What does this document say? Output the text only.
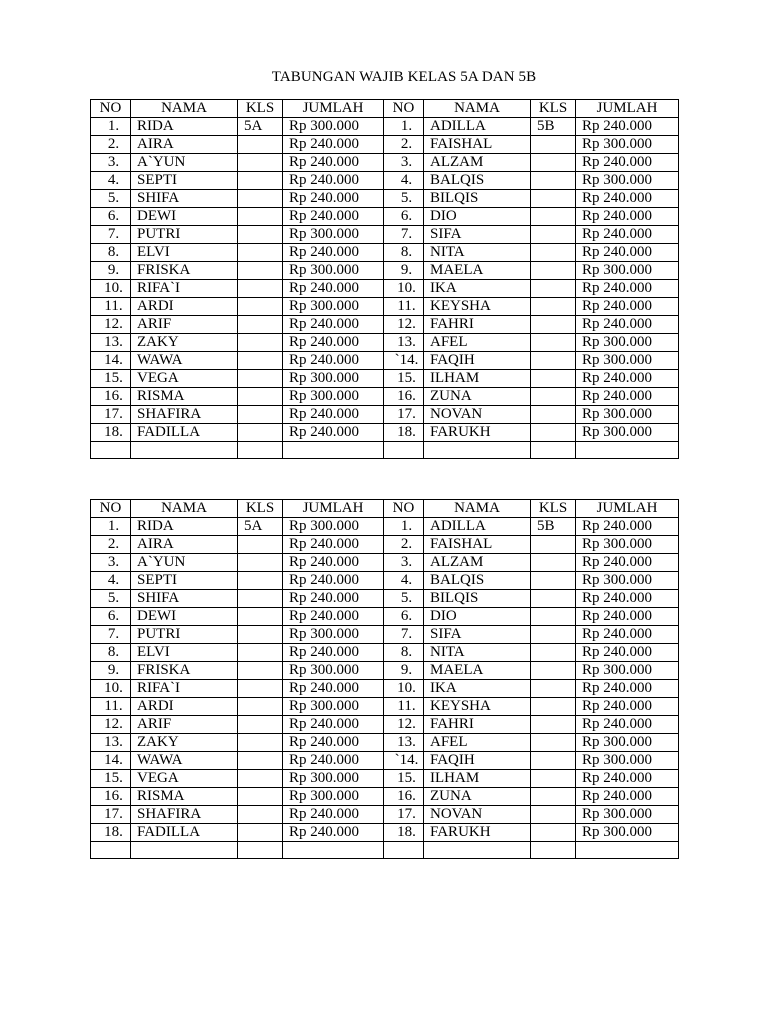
TABUNGAN WAJIB KELAS 5A DAN 5B
NO	NAMA	KLS	JUMLAH	NO	NAMA	KLS	JUMLAH
1.	RIDA	5A	Rp 300.000	1.	ADILLA	5B	Rp 240.000
2.	AIRA		Rp 240.000	2.	FAISHAL		Rp 300.000
3.	A`YUN		Rp 240.000	3.	ALZAM		Rp 240.000
4.	SEPTI		Rp 240.000	4.	BALQIS		Rp 300.000
5.	SHIFA		Rp 240.000	5.	BILQIS		Rp 240.000
6.	DEWI		Rp 240.000	6.	DIO		Rp 240.000
7.	PUTRI		Rp 300.000	7.	SIFA		Rp 240.000
8.	ELVI		Rp 240.000	8.	NITA		Rp 240.000
9.	FRISKA		Rp 300.000	9.	MAELA		Rp 300.000
10.	RIFA`I		Rp 240.000	10.	IKA		Rp 240.000
11.	ARDI		Rp 300.000	11.	KEYSHA		Rp 240.000
12.	ARIF		Rp 240.000	12.	FAHRI		Rp 240.000
13.	ZAKY		Rp 240.000	13.	AFEL		Rp 300.000
14.	WAWA		Rp 240.000	`14.	FAQIH		Rp 300.000
15.	VEGA		Rp 300.000	15.	ILHAM		Rp 240.000
16.	RISMA		Rp 300.000	16.	ZUNA		Rp 240.000
17.	SHAFIRA		Rp 240.000	17.	NOVAN		Rp 300.000
18.	FADILLA		Rp 240.000	18.	FARUKH		Rp 300.000

NO	NAMA	KLS	JUMLAH	NO	NAMA	KLS	JUMLAH
1.	RIDA	5A	Rp 300.000	1.	ADILLA	5B	Rp 240.000
2.	AIRA		Rp 240.000	2.	FAISHAL		Rp 300.000
3.	A`YUN		Rp 240.000	3.	ALZAM		Rp 240.000
4.	SEPTI		Rp 240.000	4.	BALQIS		Rp 300.000
5.	SHIFA		Rp 240.000	5.	BILQIS		Rp 240.000
6.	DEWI		Rp 240.000	6.	DIO		Rp 240.000
7.	PUTRI		Rp 300.000	7.	SIFA		Rp 240.000
8.	ELVI		Rp 240.000	8.	NITA		Rp 240.000
9.	FRISKA		Rp 300.000	9.	MAELA		Rp 300.000
10.	RIFA`I		Rp 240.000	10.	IKA		Rp 240.000
11.	ARDI		Rp 300.000	11.	KEYSHA		Rp 240.000
12.	ARIF		Rp 240.000	12.	FAHRI		Rp 240.000
13.	ZAKY		Rp 240.000	13.	AFEL		Rp 300.000
14.	WAWA		Rp 240.000	`14.	FAQIH		Rp 300.000
15.	VEGA		Rp 300.000	15.	ILHAM		Rp 240.000
16.	RISMA		Rp 300.000	16.	ZUNA		Rp 240.000
17.	SHAFIRA		Rp 240.000	17.	NOVAN		Rp 300.000
18.	FADILLA		Rp 240.000	18.	FARUKH		Rp 300.000
